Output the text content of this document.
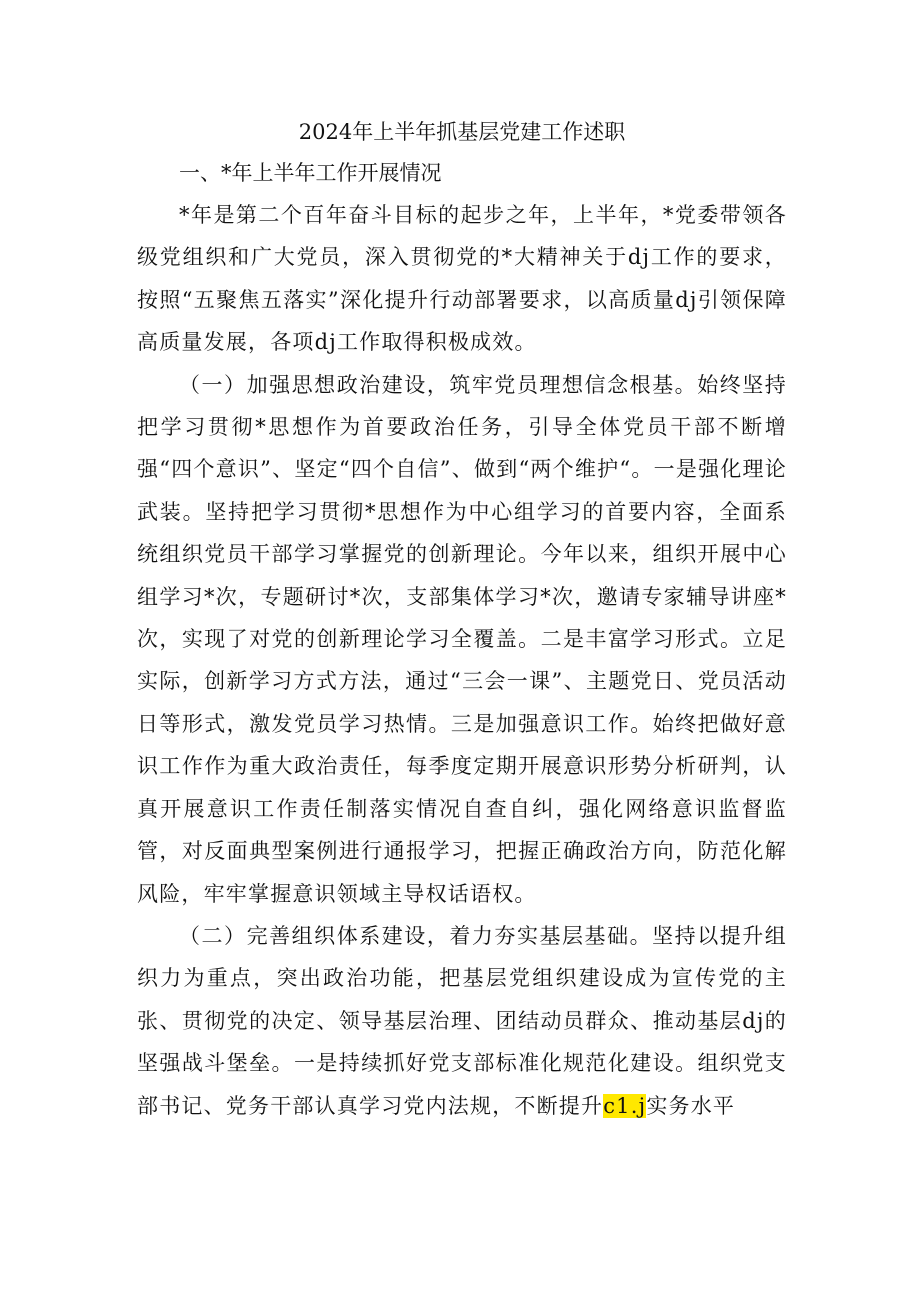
2024年上半年抓基层党建工作述职

一、*年上半年工作开展情况

*年是第二个百年奋斗目标的起步之年，上半年，*党委带领各级党组织和广大党员，深入贯彻党的*大精神关于dj工作的要求，按照“五聚焦五落实”深化提升行动部署要求，以高质量dj引领保障高质量发展，各项dj工作取得积极成效。

（一）加强思想政治建设，筑牢党员理想信念根基。始终坚持把学习贯彻*思想作为首要政治任务，引导全体党员干部不断增强“四个意识”、坚定“四个自信”、做到“两个维护“。一是强化理论武装。坚持把学习贯彻*思想作为中心组学习的首要内容，全面系统组织党员干部学习掌握党的创新理论。今年以来，组织开展中心组学习*次，专题研讨*次，支部集体学习*次，邀请专家辅导讲座*次，实现了对党的创新理论学习全覆盖。二是丰富学习形式。立足实际，创新学习方式方法，通过“三会一课”、主题党日、党员活动日等形式，激发党员学习热情。三是加强意识工作。始终把做好意识工作作为重大政治责任，每季度定期开展意识形势分析研判，认真开展意识工作责任制落实情况自查自纠，强化网络意识监督监管，对反面典型案例进行通报学习，把握正确政治方向，防范化解风险，牢牢掌握意识领域主导权话语权。

（二）完善组织体系建设，着力夯实基层基础。坚持以提升组织力为重点，突出政治功能，把基层党组织建设成为宣传党的主张、贯彻党的决定、领导基层治理、团结动员群众、推动基层dj的坚强战斗堡垒。一是持续抓好党支部标准化规范化建设。组织党支部书记、党务干部认真学习党内法规，不断提升c1.j实务水平
